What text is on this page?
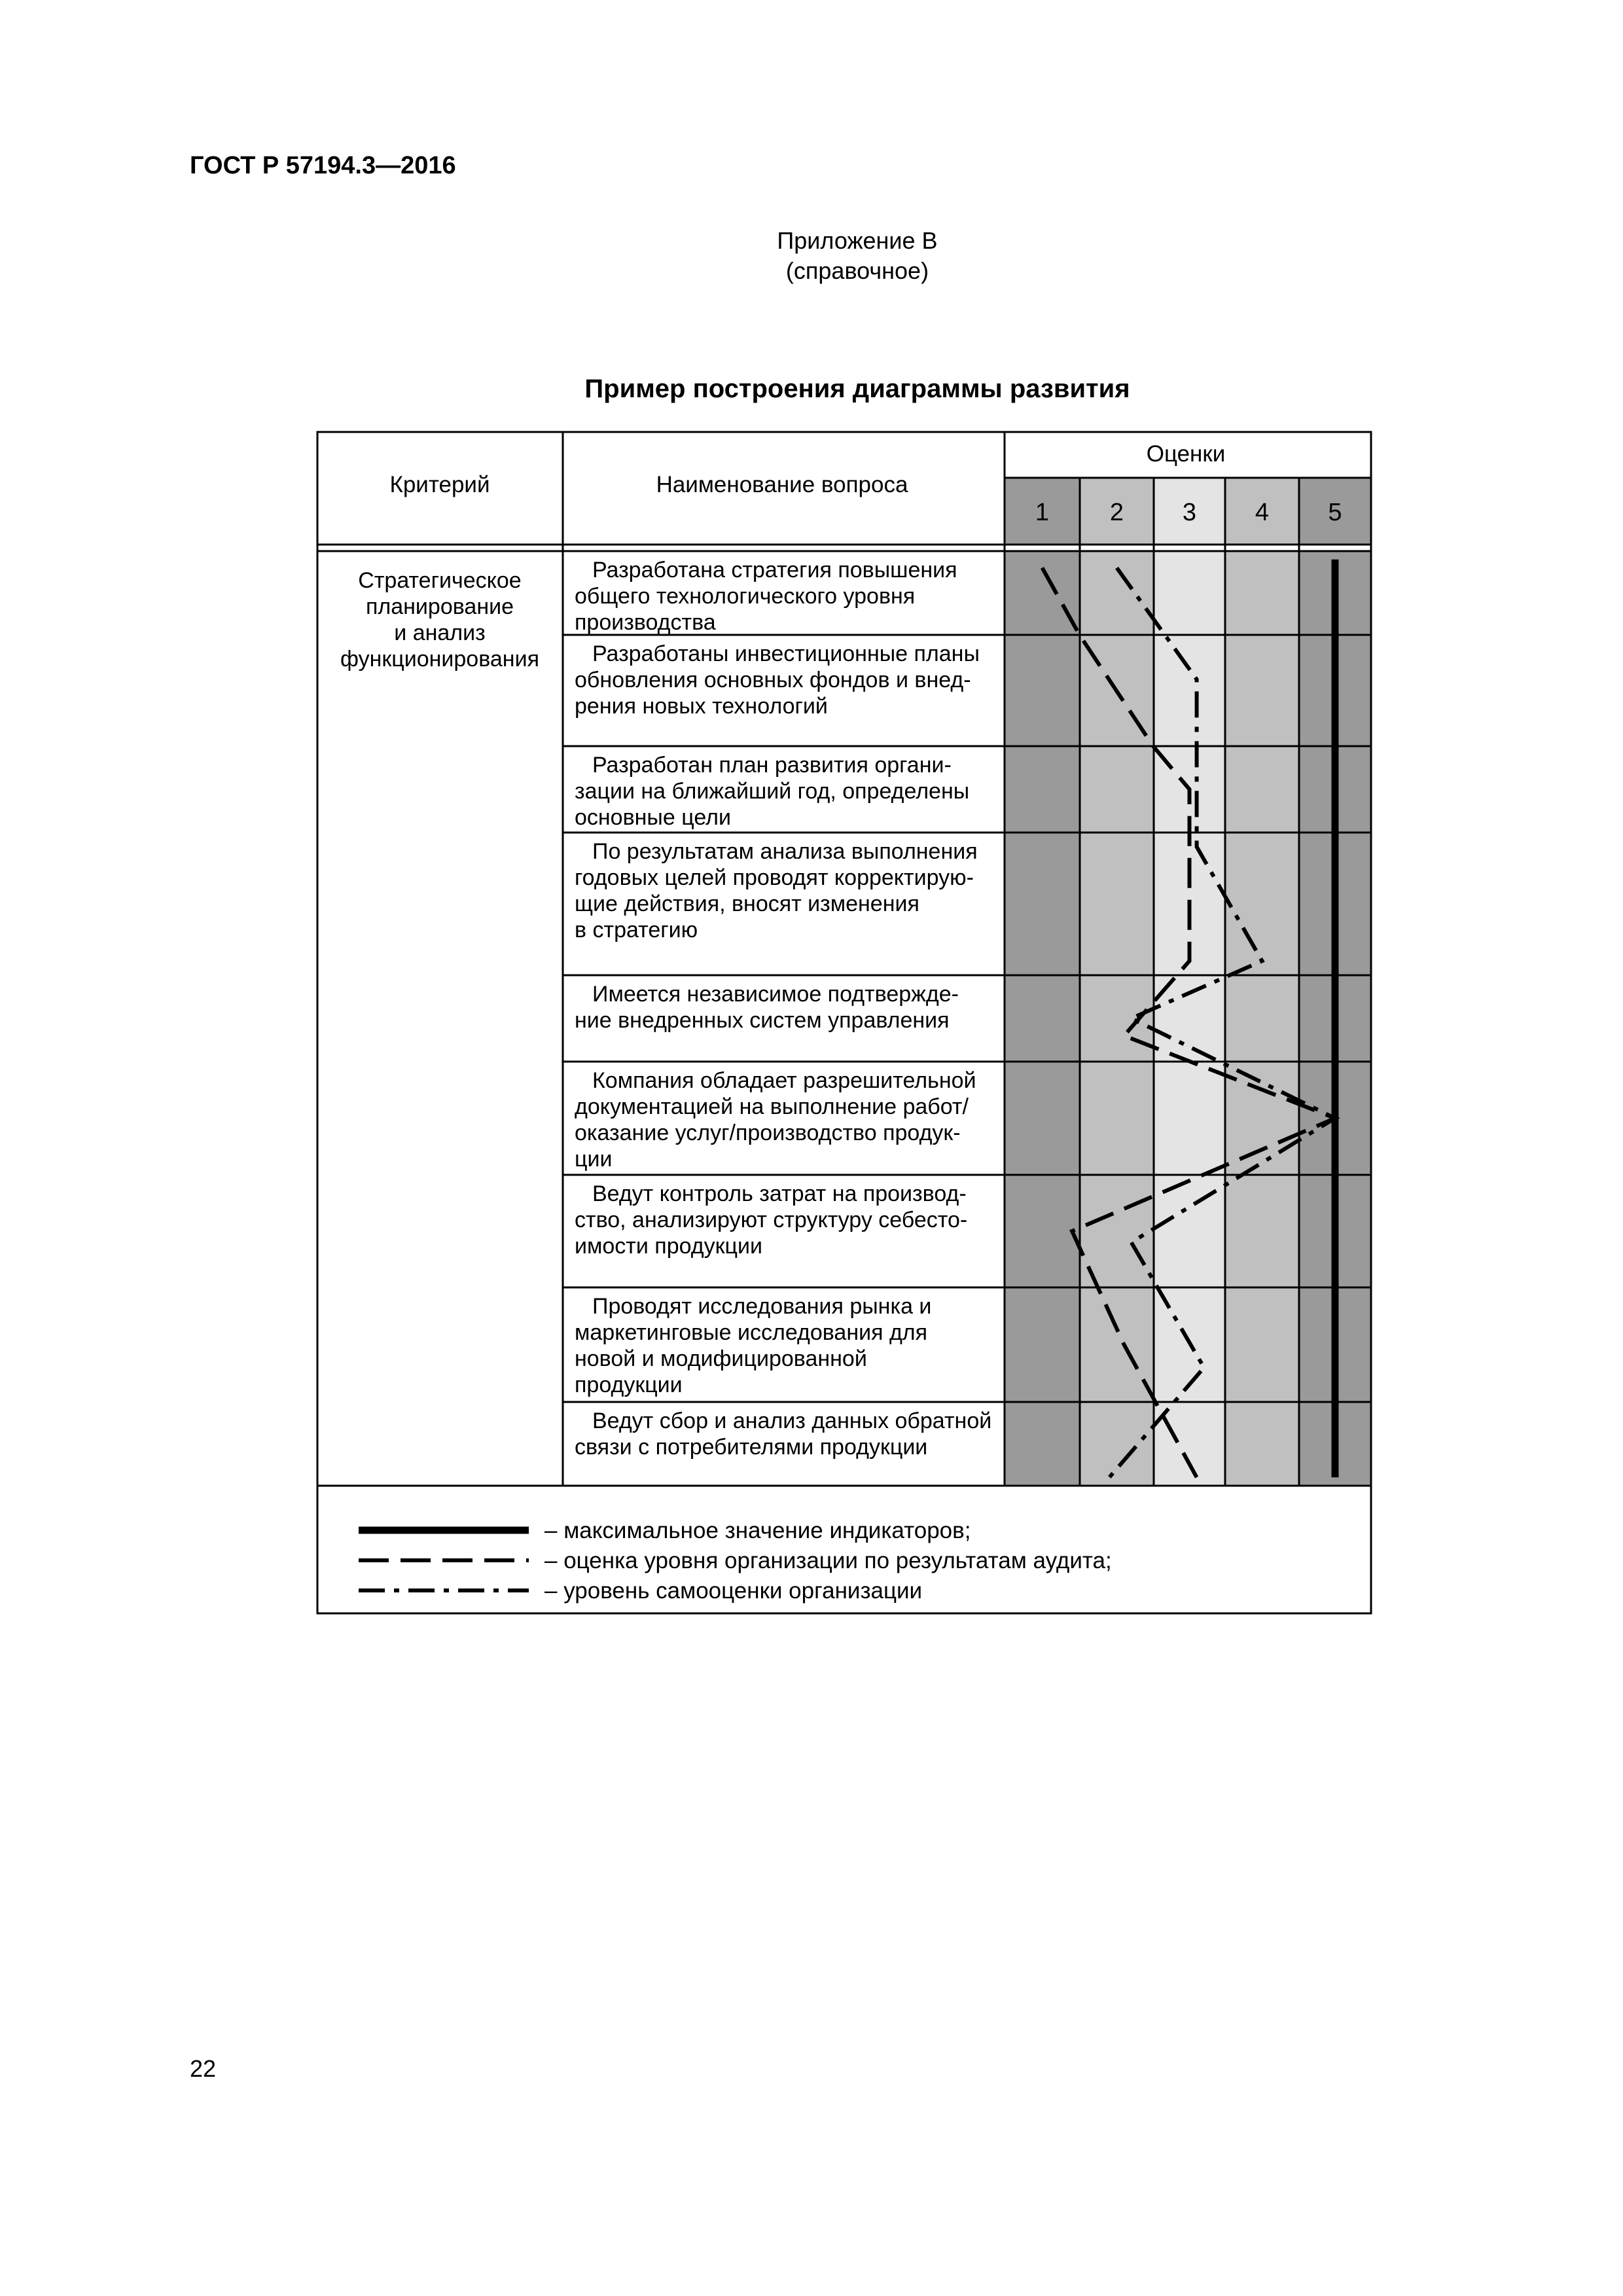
ГОСТ Р 57194.3—2016
Приложение В
(справочное)
Пример построения диаграммы развития
Критерий	Наименование вопроса
Оценки
1 2 3 4 5
Стратегическое
планирование
и анализ
функционирования
Разработана стратегия повышения
общего технологического уровня
производства
Разработаны инвестиционные планы
обновления основных фондов и внед-
рения новых технологий
Разработан план развития органи-
зации на ближайший год, определены
основные цели
По результатам анализа выполнения
годовых целей проводят корректирую-
щие действия, вносят изменения
в стратегию
Имеется независимое подтвержде-
ние внедренных систем управления
Компания обладает разрешительной
документацией на выполнение работ/
оказание услуг/производство продук-
ции
Ведут контроль затрат на производ-
ство, анализируют структуру себесто-
имости продукции
Проводят исследования рынка и
маркетинговые исследования для
новой и модифицированной
продукции
Ведут сбор и анализ данных обратной
связи с потребителями продукции
– максимальное значение индикаторов;
– оценка уровня организации по результатам аудита;
– уровень самооценки организации
22
